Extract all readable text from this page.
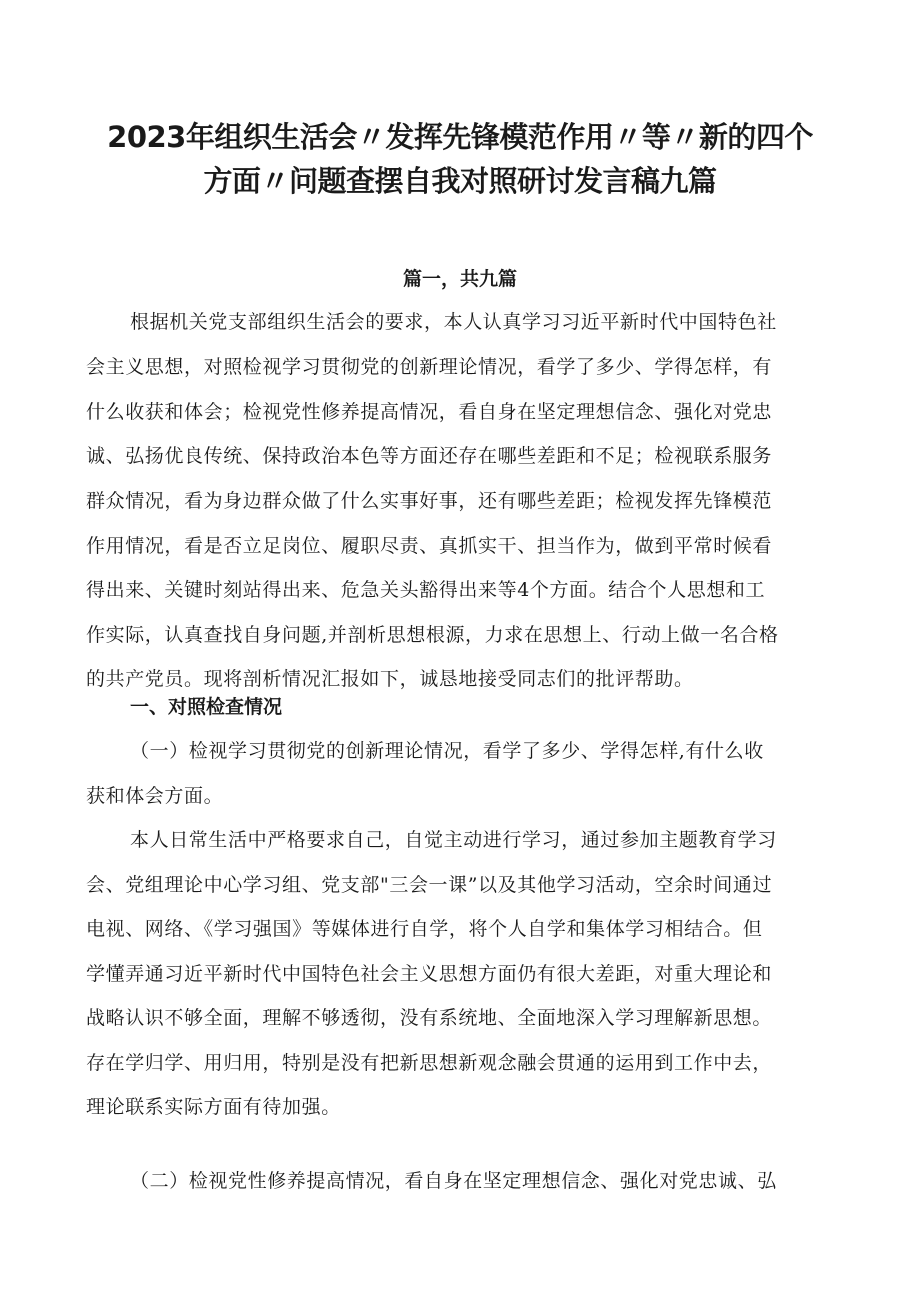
2023年组织生活会〃发挥先锋模范作用〃等〃新的四个
方面〃问题查摆自我对照研讨发言稿九篇
篇一，共九篇

根据机关党支部组织生活会的要求，本人认真学习习近平新时代中国特色社

会主义思想，对照检视学习贯彻党的创新理论情况，看学了多少、学得怎样，有

什么收获和体会；检视党性修养提高情况，看自身在坚定理想信念、强化对党忠

诚、弘扬优良传统、保持政治本色等方面还存在哪些差距和不足；检视联系服务

群众情况，看为身边群众做了什么实事好事，还有哪些差距；检视发挥先锋模范

作用情况，看是否立足岗位、履职尽责、真抓实干、担当作为，做到平常时候看

得出来、关键时刻站得出来、危急关头豁得出来等4个方面。结合个人思想和工

作实际，认真查找自身问题,并剖析思想根源，力求在思想上、行动上做一名合格

的共产党员。现将剖析情况汇报如下，诚恳地接受同志们的批评帮助。

一、对照检查情况

（一）检视学习贯彻党的创新理论情况，看学了多少、学得怎样,有什么收

获和体会方面。

本人日常生活中严格要求自己，自觉主动进行学习，通过参加主题教育学习

会、党组理论中心学习组、党支部"三会一课”以及其他学习活动，空余时间通过

电视、网络、《学习强国》等媒体进行自学，将个人自学和集体学习相结合。但

学懂弄通习近平新时代中国特色社会主义思想方面仍有很大差距，对重大理论和

战略认识不够全面，理解不够透彻，没有系统地、全面地深入学习理解新思想。

存在学归学、用归用，特别是没有把新思想新观念融会贯通的运用到工作中去，

理论联系实际方面有待加强。

（二）检视党性修养提高情况，看自身在坚定理想信念、强化对党忠诚、弘
